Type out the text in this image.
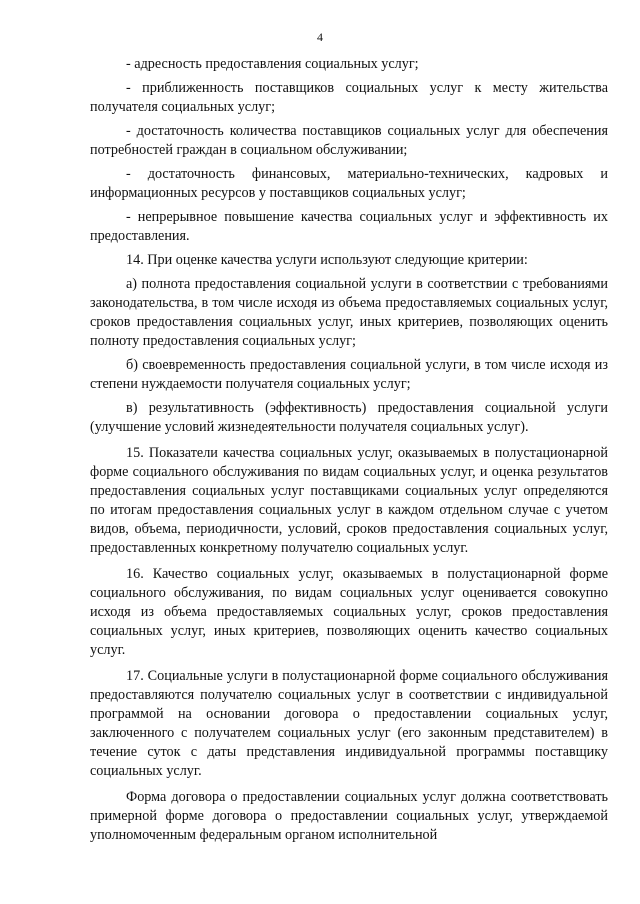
4

- адресность предоставления социальных услуг;

- приближенность поставщиков социальных услуг к месту жительства получателя социальных услуг;

- достаточность количества поставщиков социальных услуг для обеспечения потребностей граждан в социальном обслуживании;

- достаточность финансовых, материально-технических, кадровых и информационных ресурсов у поставщиков социальных услуг;

- непрерывное повышение качества социальных услуг и эффективность их предоставления.

14. При оценке качества услуги используют следующие критерии:

а) полнота предоставления социальной услуги в соответствии с требованиями законодательства, в том числе исходя из объема предоставляемых социальных услуг, сроков предоставления социальных услуг, иных критериев, позволяющих оценить полноту предоставления социальных услуг;

б) своевременность предоставления социальной услуги, в том числе исходя из степени нуждаемости получателя социальных услуг;

в) результативность (эффективность) предоставления социальной услуги (улучшение условий жизнедеятельности получателя социальных услуг).

15. Показатели качества социальных услуг, оказываемых в полустационарной форме социального обслуживания по видам социальных услуг, и оценка результатов предоставления социальных услуг поставщиками социальных услуг определяются по итогам предоставления социальных услуг в каждом отдельном случае с учетом видов, объема, периодичности, условий, сроков предоставления социальных услуг, предоставленных конкретному получателю социальных услуг.

16. Качество социальных услуг, оказываемых в полустационарной форме социального обслуживания, по видам социальных услуг оценивается совокупно исходя из объема предоставляемых социальных услуг, сроков предоставления социальных услуг, иных критериев, позволяющих оценить качество социальных услуг.

17. Социальные услуги в полустационарной форме социального обслуживания предоставляются получателю социальных услуг в соответствии с индивидуальной программой на основании договора о предоставлении социальных услуг, заключенного с получателем социальных услуг (его законным представителем) в течение суток с даты представления индивидуальной программы поставщику социальных услуг.

Форма договора о предоставлении социальных услуг должна соответствовать примерной форме договора о предоставлении социальных услуг, утверждаемой уполномоченным федеральным органом исполнительной
